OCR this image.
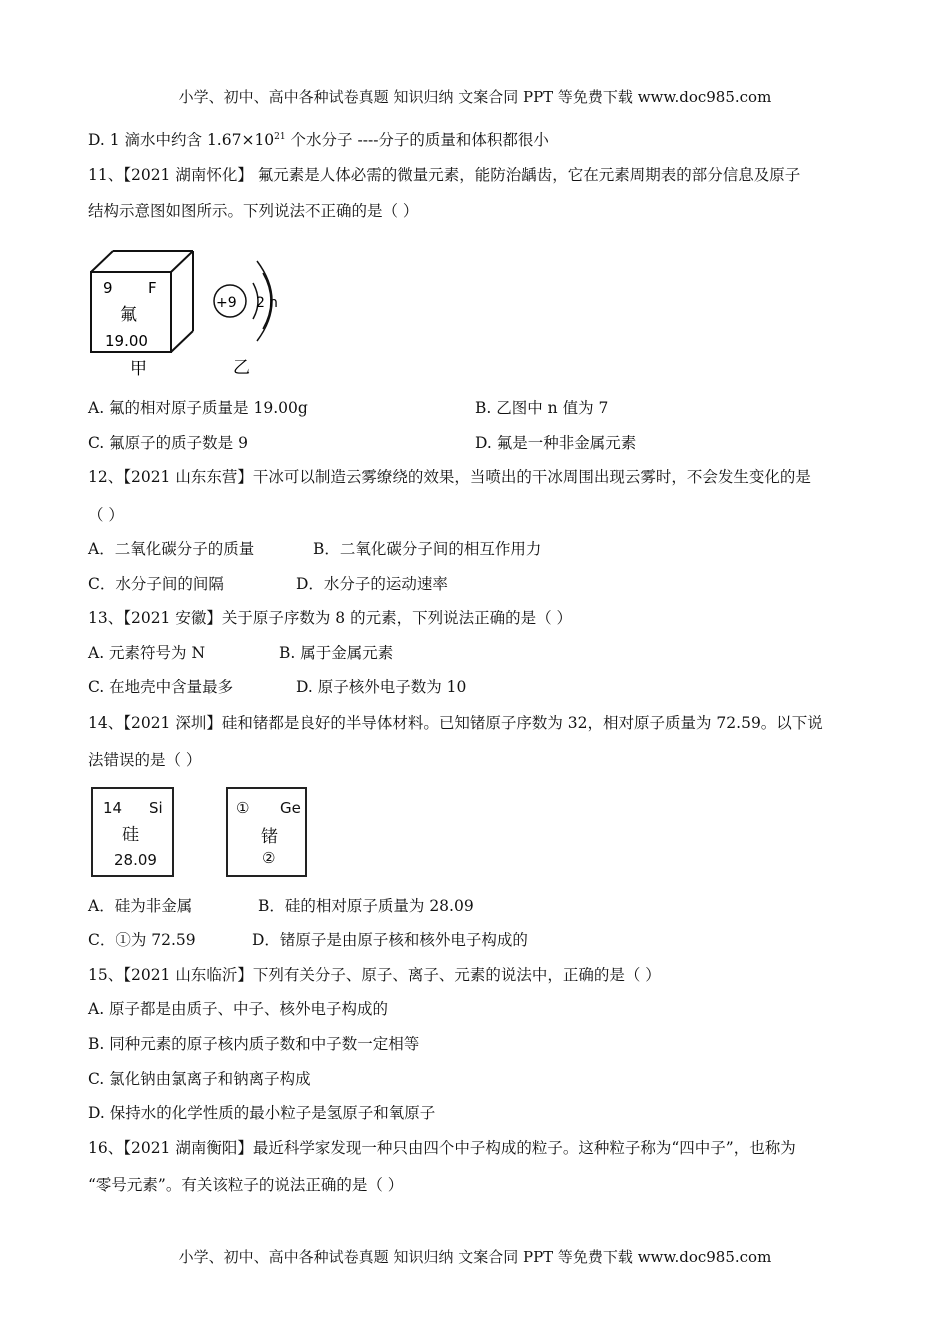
小学、初中、高中各种试卷真题 知识归纳 文案合同 PPT 等免费下载 www.doc985.com
D. 1 滴水中约含 $1.67\times 10^{21}$ 个水分子 ----分子的质量和体积都很小
11、【2021 湖南怀化】 氟元素是人体必需的微量元素，能防治龋齿，它在元素周期表的部分信息及原子
结构示意图如图所示。下列说法不正确的是（ ）
9 F
氟
19.00
甲
+9 2 n
乙
A. 氟的相对原子质量是 19.00g	B. 乙图中 n 值为 7
C. 氟原子的质子数是 9	D. 氟是一种非金属元素
12、【2021 山东东营】干冰可以制造云雾缭绕的效果，当喷出的干冰周围出现云雾时，不会发生变化的是
（ ）
A．二氧化碳分子的质量	B．二氧化碳分子间的相互作用力
C．水分子间的间隔	D．水分子的运动速率
13、【2021 安徽】关于原子序数为 8 的元素，下列说法正确的是（ ）
A. 元素符号为 N	B. 属于金属元素
C. 在地壳中含量最多	D. 原子核外电子数为 10
14、【2021 深圳】硅和锗都是良好的半导体材料。已知锗原子序数为 32，相对原子质量为 72.59。以下说
法错误的是（ ）
14 Si
硅
28.09
① Ge
锗
②
A．硅为非金属	B．硅的相对原子质量为 28.09
C．①为 72.59	D．锗原子是由原子核和核外电子构成的
15、【2021 山东临沂】下列有关分子、原子、离子、元素的说法中，正确的是（ ）
A. 原子都是由质子、中子、核外电子构成的
B. 同种元素的原子核内质子数和中子数一定相等
C. 氯化钠由氯离子和钠离子构成
D. 保持水的化学性质的最小粒子是氢原子和氧原子
16、【2021 湖南衡阳】最近科学家发现一种只由四个中子构成的粒子。这种粒子称为“四中子”，也称为
“零号元素”。有关该粒子的说法正确的是（ ）
小学、初中、高中各种试卷真题 知识归纳 文案合同 PPT 等免费下载 www.doc985.com
